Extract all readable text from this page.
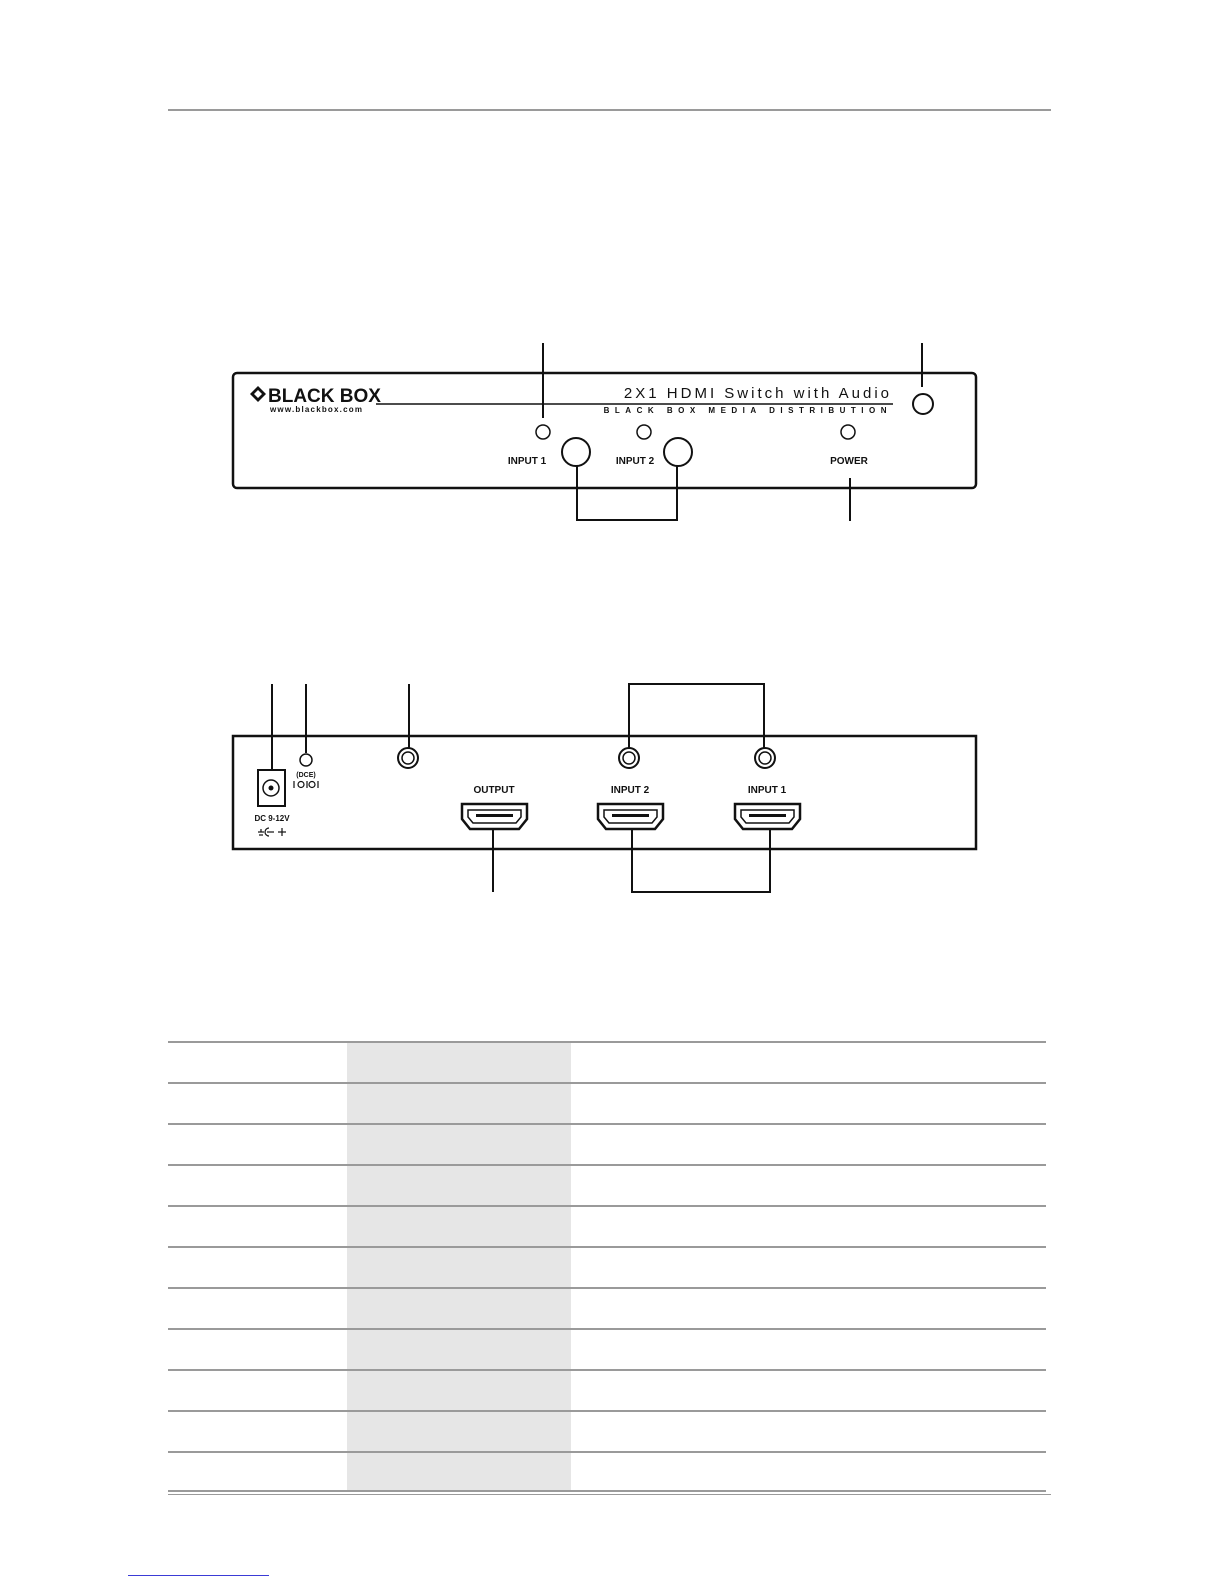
BLACK BOX
www.blackbox.com
2X1 HDMI Switch with Audio
BLACK BOX MEDIA DISTRIBUTION
INPUT 1	INPUT 2	POWER
DC 9-12V
(DCE)
OUTPUT	INPUT 2	INPUT 1
